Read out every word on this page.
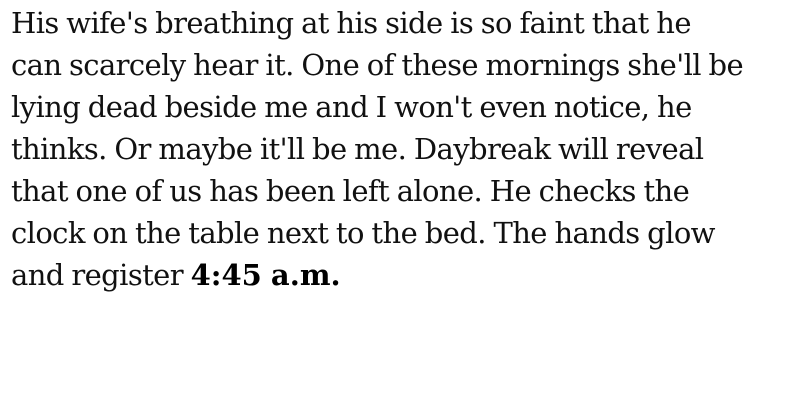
His wife's breathing at his side is so faint that he
can scarcely hear it. One of these mornings she'll be
lying dead beside me and I won't even notice, he
thinks. Or maybe it'll be me. Daybreak will reveal
that one of us has been left alone. He checks the
clock on the table next to the bed. The hands glow
and register 4:45 a.m.
